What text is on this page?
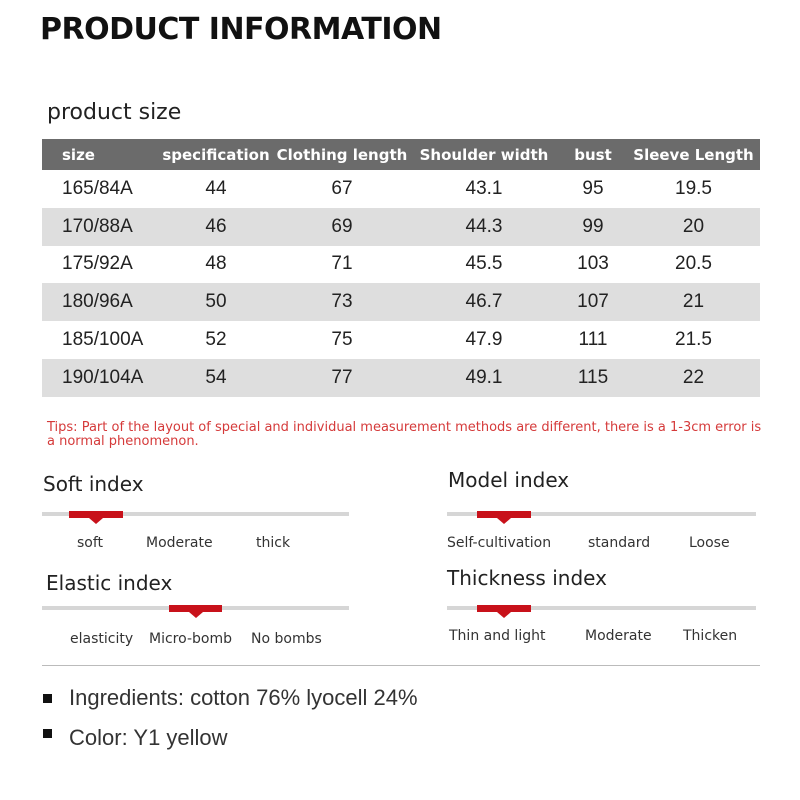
PRODUCT INFORMATION
product size
size	specification	Clothing length	Shoulder width	bust	Sleeve Length
165/84A	44	67	43.1	95	19.5
170/88A	46	69	44.3	99	20
175/92A	48	71	45.5	103	20.5
180/96A	50	73	46.7	107	21
185/100A	52	75	47.9	111	21.5
190/104A	54	77	49.1	115	22
Tips: Part of the layout of special and individual measurement methods are different, there is a 1-3cm error is a normal phenomenon.
Soft index
soft	Moderate	thick
Model index
Self-cultivation	standard	Loose
Elastic index
elasticity Micro-bomb No bombs
Thickness index
Thin and light	Moderate Thicken
Ingredients: cotton 76% lyocell 24%
Color: Y1 yellow
